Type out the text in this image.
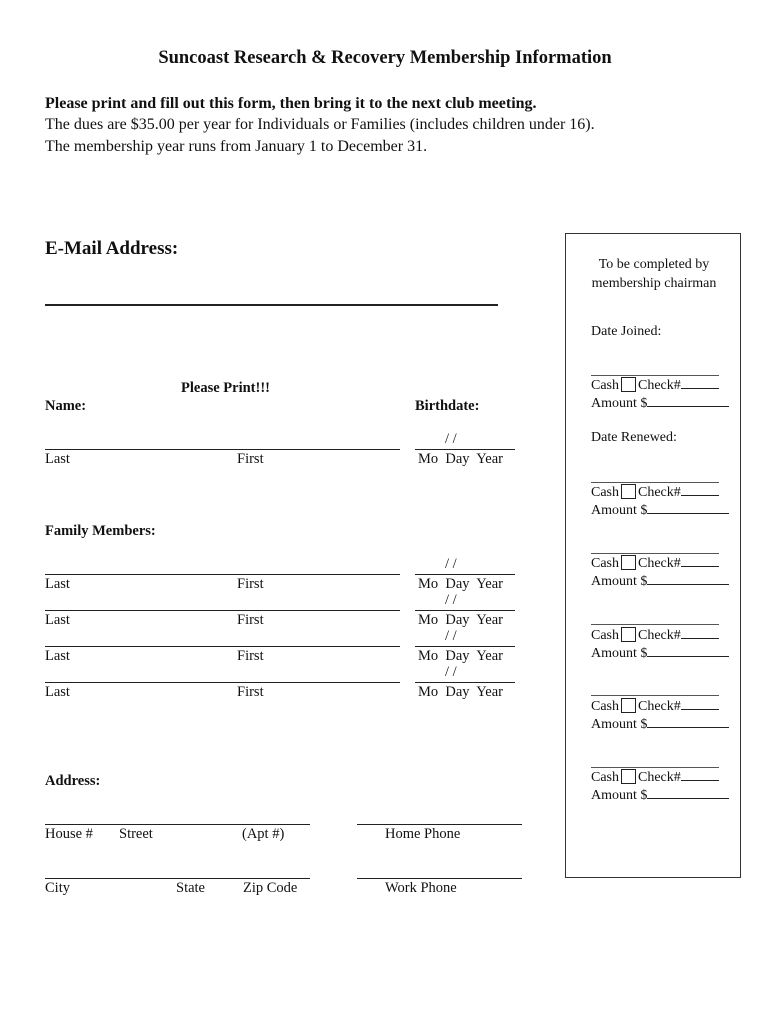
Suncoast Research & Recovery Membership Information
Please print and fill out this form, then bring it to the next club meeting.
The dues are $35.00 per year for Individuals or Families (includes children under 16).
The membership year runs from January 1 to December 31.
E-Mail Address:
Please Print!!!
Name:	Birthdate:
/ /
Last	First	Mo  Day  Year
Family Members:
/ /
Last	First	Mo  Day  Year
/ /
Last	First	Mo  Day  Year
/ /
Last	First	Mo  Day  Year
/ /
Last	First	Mo  Day  Year
Address:
House # Street	(Apt #)	Home Phone
City	State	Zip Code	Work Phone
To be completed by
membership chairman
Date Joined:
Cash Check#
Amount $
Date Renewed:
Cash Check#
Amount $
Cash Check#
Amount $
Cash Check#
Amount $
Cash Check#
Amount $
Cash Check#
Amount $
